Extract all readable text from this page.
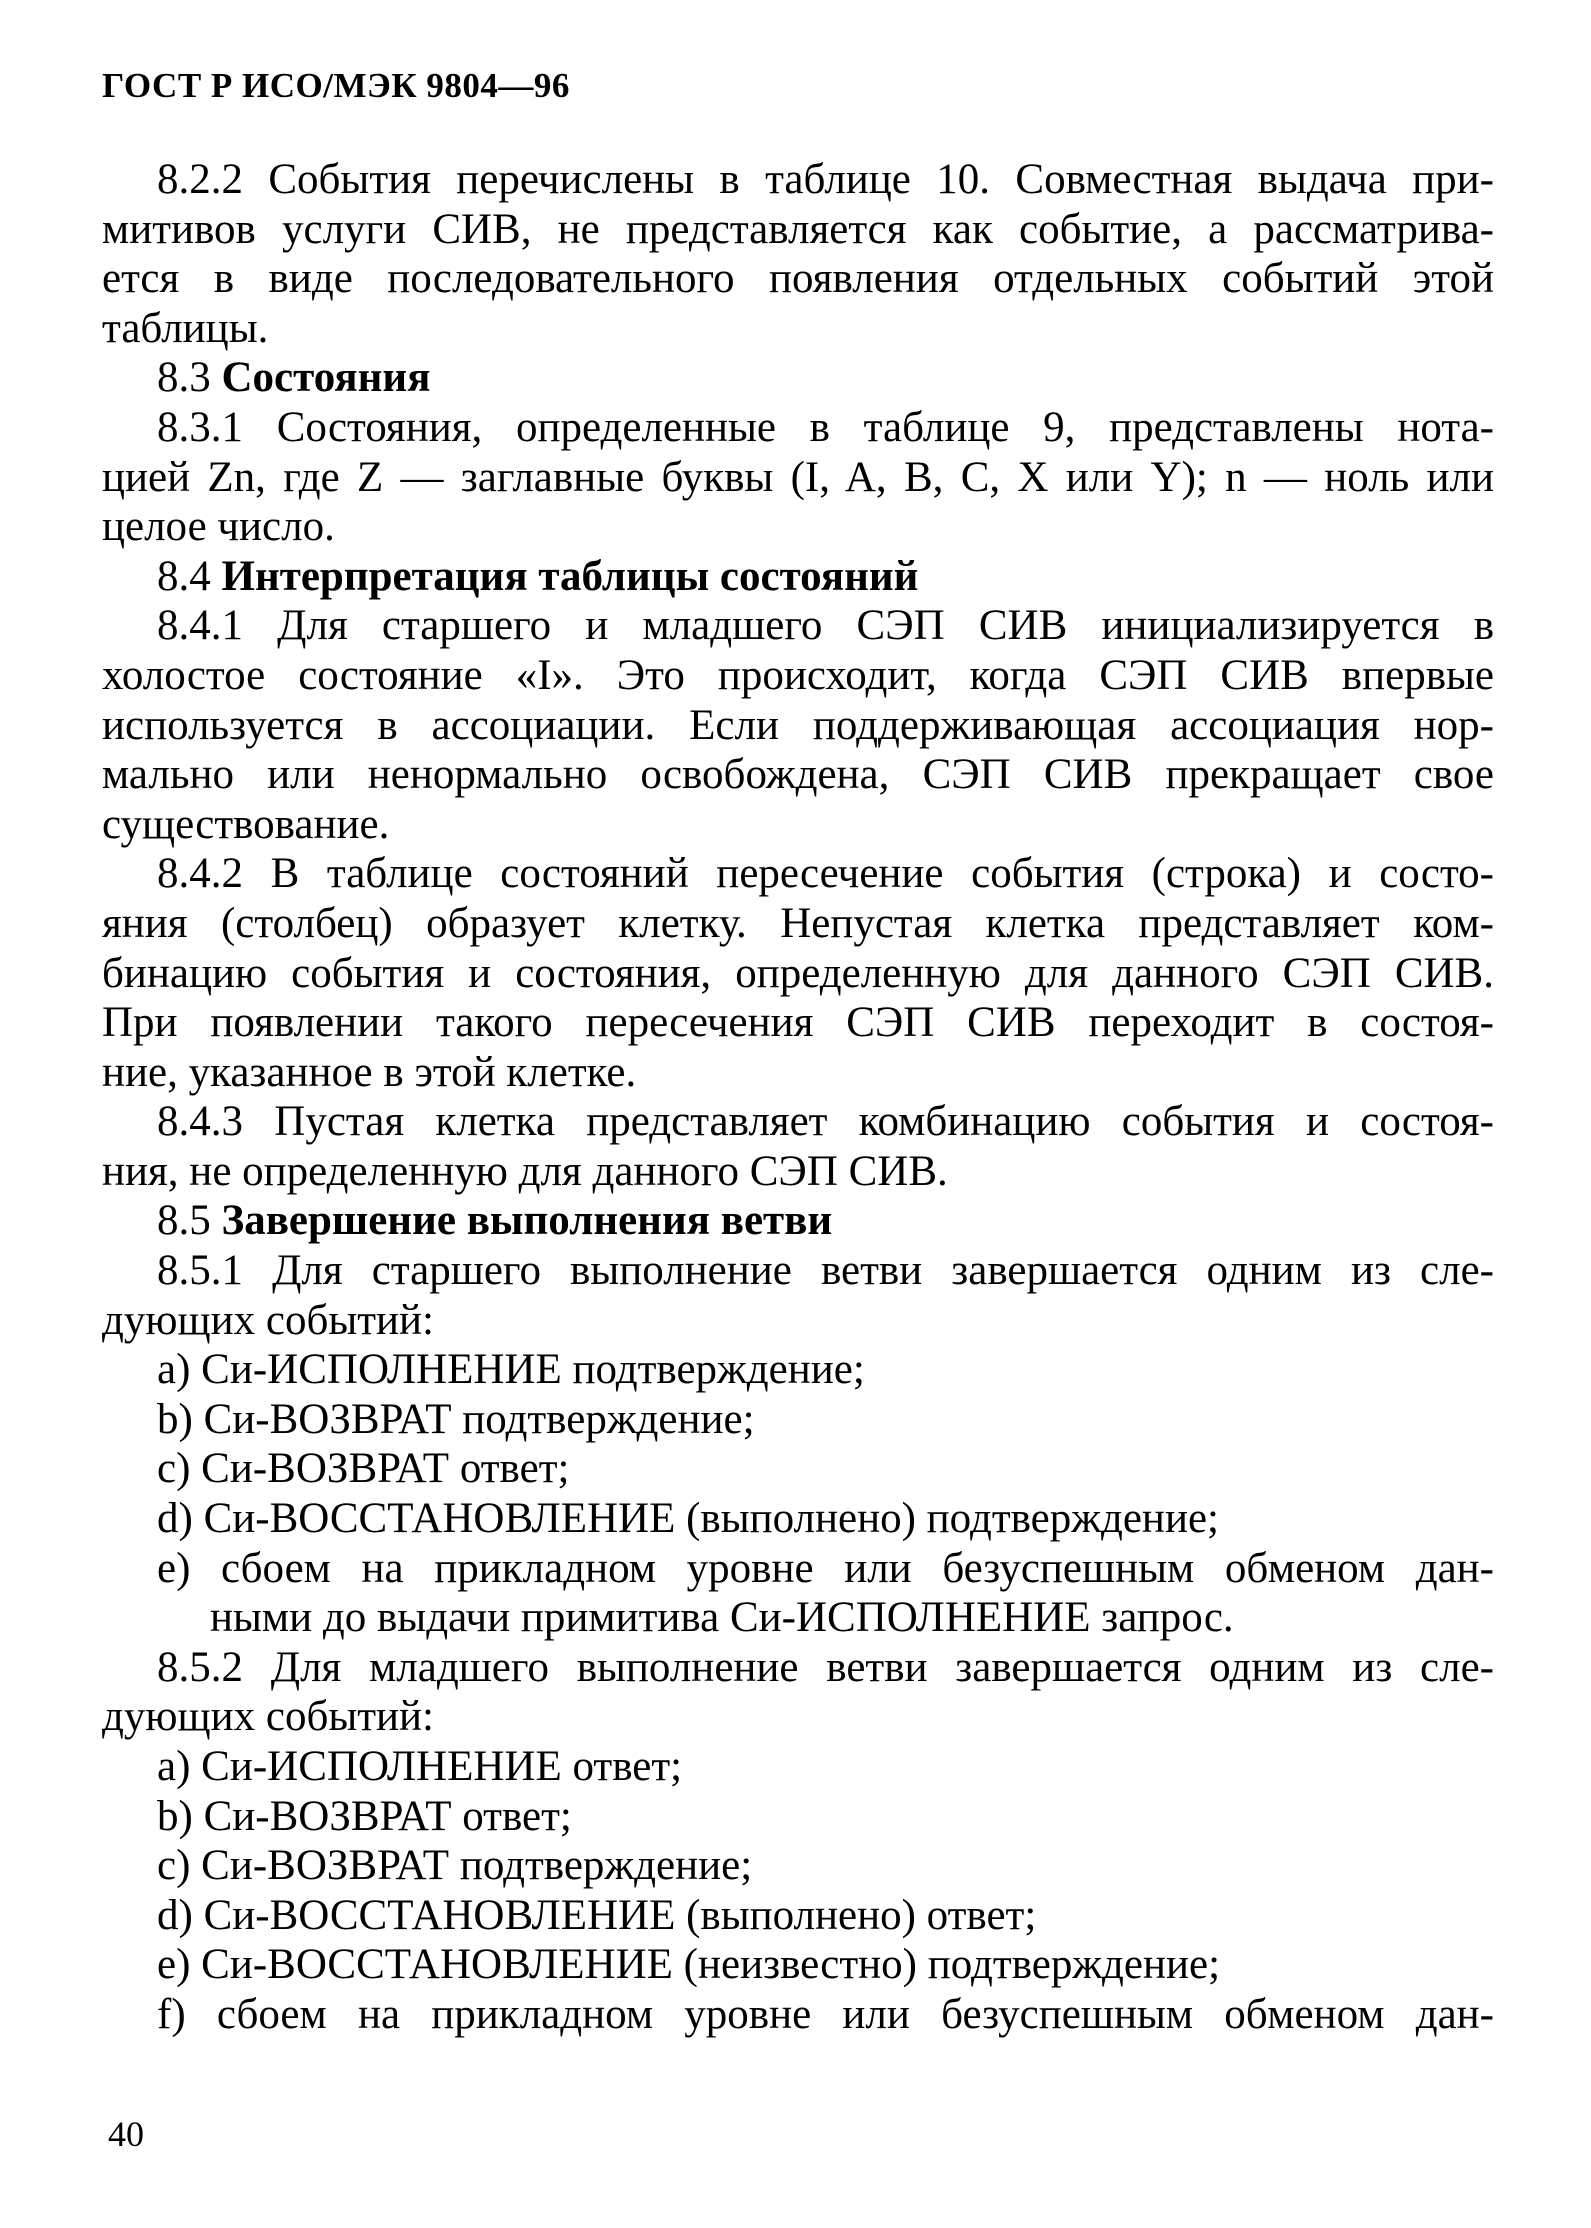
ГОСТ Р ИСО/МЭК 9804—96
8.2.2 События перечислены в таблице 10. Совместная выдача при-
митивов услуги СИВ, не представляется как событие, а рассматрива-
ется в виде последовательного появления отдельных событий этой
таблицы.
8.3 Состояния
8.3.1 Состояния, определенные в таблице 9, представлены нота-
цией Zn, где Z — заглавные буквы (I, A, B, C, X или Y); n — ноль или
целое число.
8.4 Интерпретация таблицы состояний
8.4.1 Для старшего и младшего СЭП СИВ инициализируется в
холостое состояние «I». Это происходит, когда СЭП СИВ впервые
используется в ассоциации. Если поддерживающая ассоциация нор-
мально или ненормально освобождена, СЭП СИВ прекращает свое
существование.
8.4.2 В таблице состояний пересечение события (строка) и состо-
яния (столбец) образует клетку. Непустая клетка представляет ком-
бинацию события и состояния, определенную для данного СЭП СИВ.
При появлении такого пересечения СЭП СИВ переходит в состоя-
ние, указанное в этой клетке.
8.4.3 Пустая клетка представляет комбинацию события и состоя-
ния, не определенную для данного СЭП СИВ.
8.5 Завершение выполнения ветви
8.5.1 Для старшего выполнение ветви завершается одним из сле-
дующих событий:
a) Си-ИСПОЛНЕНИЕ подтверждение;
b) Си-ВОЗВРАТ подтверждение;
c) Си-ВОЗВРАТ ответ;
d) Си-ВОССТАНОВЛЕНИЕ (выполнено) подтверждение;
e) сбоем на прикладном уровне или безуспешным обменом дан-
ными до выдачи примитива Си-ИСПОЛНЕНИЕ запрос.
8.5.2 Для младшего выполнение ветви завершается одним из сле-
дующих событий:
a) Си-ИСПОЛНЕНИЕ ответ;
b) Си-ВОЗВРАТ ответ;
c) Си-ВОЗВРАТ подтверждение;
d) Си-ВОССТАНОВЛЕНИЕ (выполнено) ответ;
e) Си-ВОССТАНОВЛЕНИЕ (неизвестно) подтверждение;
f) сбоем на прикладном уровне или безуспешным обменом дан-
40
